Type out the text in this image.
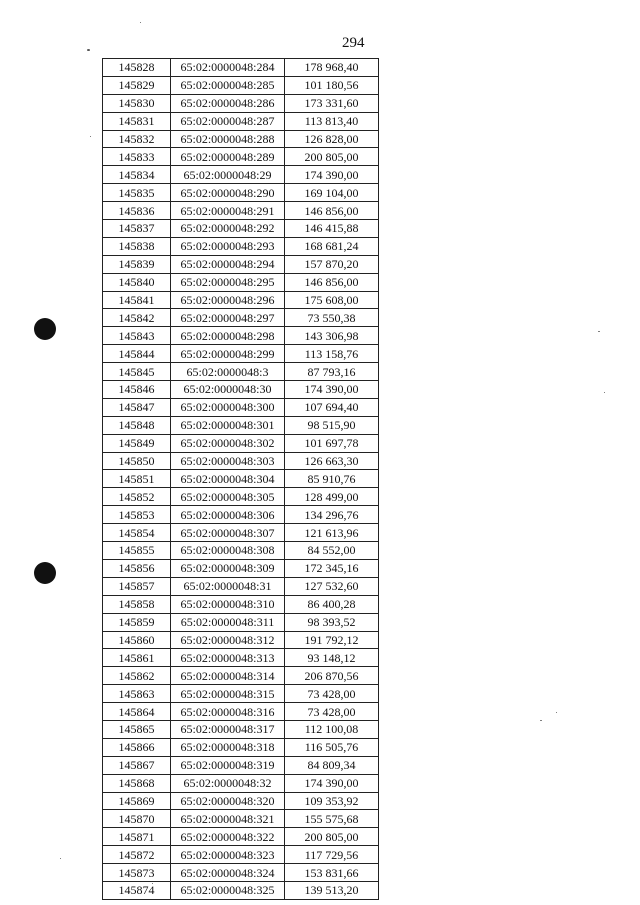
294
145828	65:02:0000048:284	178 968,40
145829	65:02:0000048:285	101 180,56
145830	65:02:0000048:286	173 331,60
145831	65:02:0000048:287	113 813,40
145832	65:02:0000048:288	126 828,00
145833	65:02:0000048:289	200 805,00
145834	65:02:0000048:29	174 390,00
145835	65:02:0000048:290	169 104,00
145836	65:02:0000048:291	146 856,00
145837	65:02:0000048:292	146 415,88
145838	65:02:0000048:293	168 681,24
145839	65:02:0000048:294	157 870,20
145840	65:02:0000048:295	146 856,00
145841	65:02:0000048:296	175 608,00
145842	65:02:0000048:297	73 550,38
145843	65:02:0000048:298	143 306,98
145844	65:02:0000048:299	113 158,76
145845	65:02:0000048:3	87 793,16
145846	65:02:0000048:30	174 390,00
145847	65:02:0000048:300	107 694,40
145848	65:02:0000048:301	98 515,90
145849	65:02:0000048:302	101 697,78
145850	65:02:0000048:303	126 663,30
145851	65:02:0000048:304	85 910,76
145852	65:02:0000048:305	128 499,00
145853	65:02:0000048:306	134 296,76
145854	65:02:0000048:307	121 613,96
145855	65:02:0000048:308	84 552,00
145856	65:02:0000048:309	172 345,16
145857	65:02:0000048:31	127 532,60
145858	65:02:0000048:310	86 400,28
145859	65:02:0000048:311	98 393,52
145860	65:02:0000048:312	191 792,12
145861	65:02:0000048:313	93 148,12
145862	65:02:0000048:314	206 870,56
145863	65:02:0000048:315	73 428,00
145864	65:02:0000048:316	73 428,00
145865	65:02:0000048:317	112 100,08
145866	65:02:0000048:318	116 505,76
145867	65:02:0000048:319	84 809,34
145868	65:02:0000048:32	174 390,00
145869	65:02:0000048:320	109 353,92
145870	65:02:0000048:321	155 575,68
145871	65:02:0000048:322	200 805,00
145872	65:02:0000048:323	117 729,56
145873	65:02:0000048:324	153 831,66
145874	65:02:0000048:325	139 513,20
